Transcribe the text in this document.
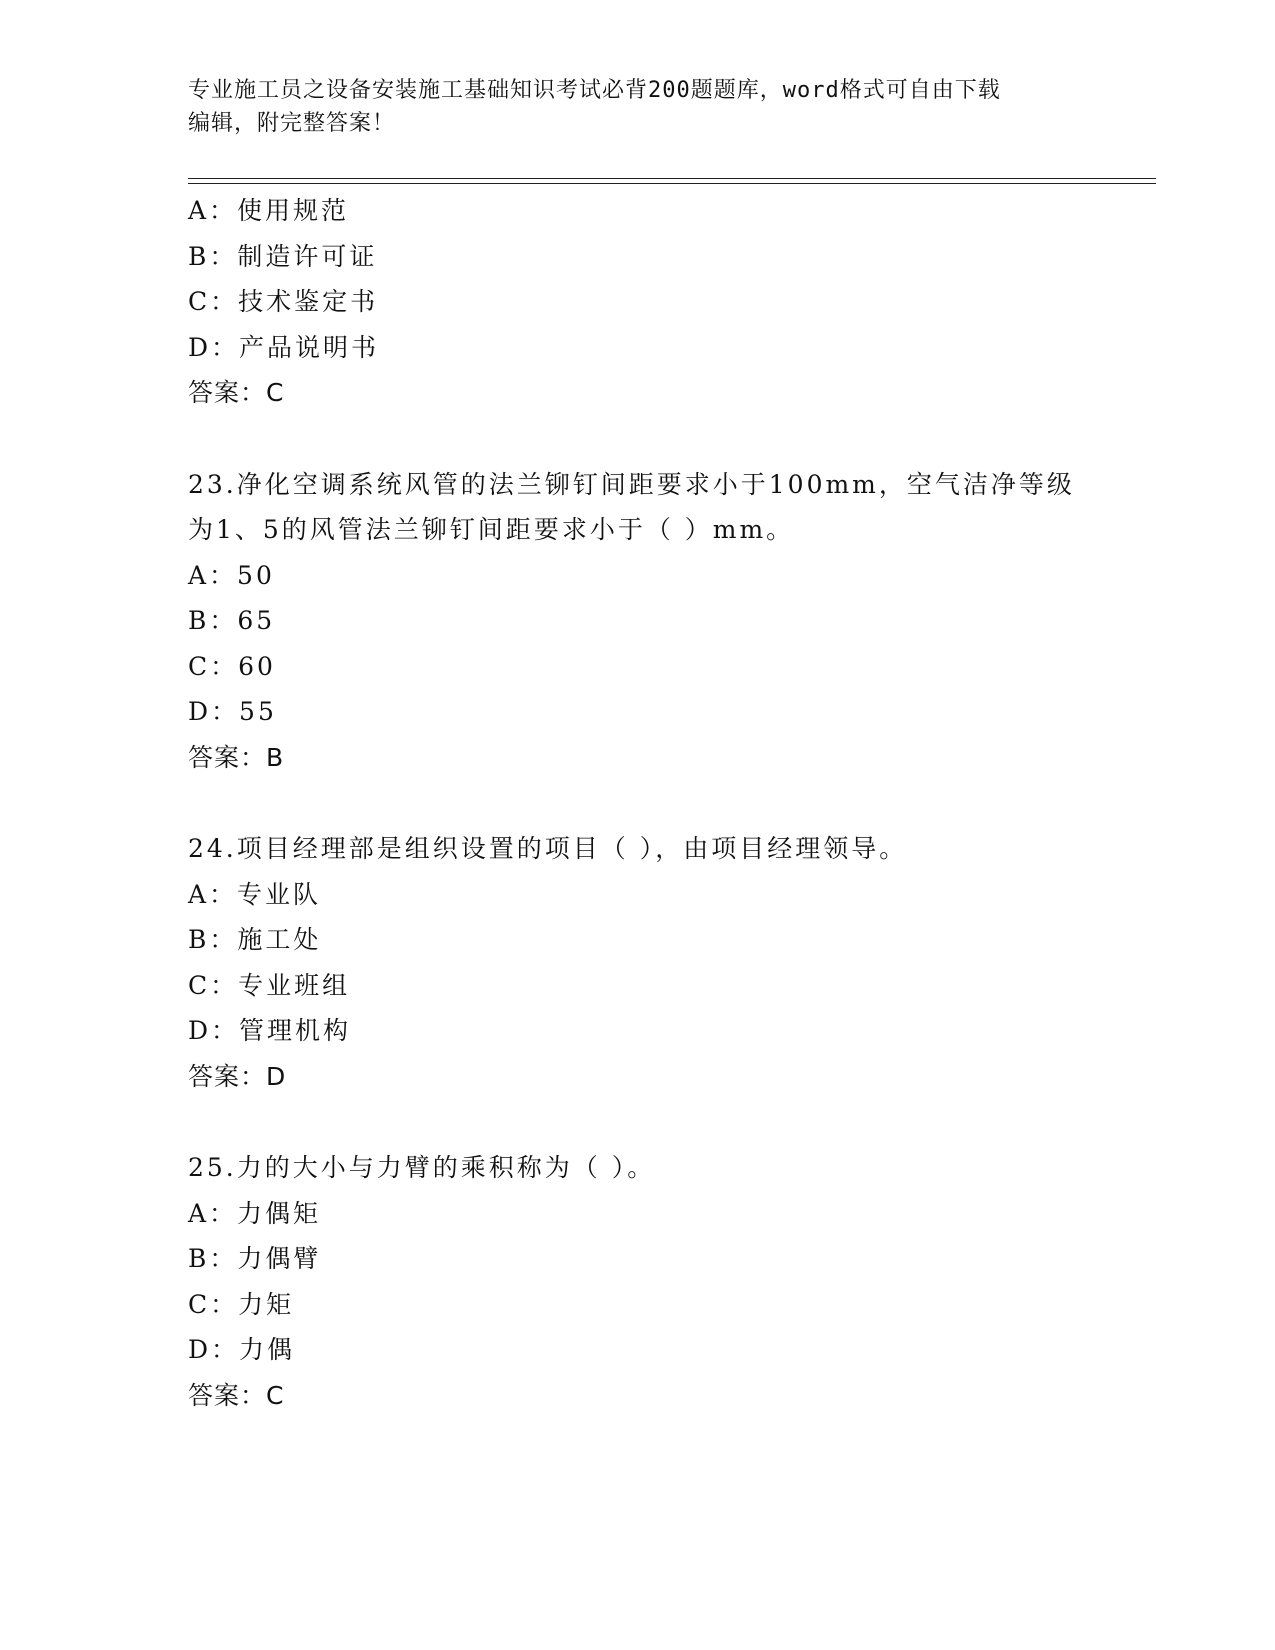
专业施工员之设备安装施工基础知识考试必背200题题库，word格式可自由下载
编辑，附完整答案！
A：使用规范
B：制造许可证
C：技术鉴定书
D：产品说明书
答案：C
23.净化空调系统风管的法兰铆钉间距要求小于100mm，空气洁净等级
为1、5的风管法兰铆钉间距要求小于（ ）mm。
A：50
B：65
C：60
D：55
答案：B
24.项目经理部是组织设置的项目（ ），由项目经理领导。
A：专业队
B：施工处
C：专业班组
D：管理机构
答案：D
25.力的大小与力臂的乘积称为（ ）。
A：力偶矩
B：力偶臂
C：力矩
D：力偶
答案：C
